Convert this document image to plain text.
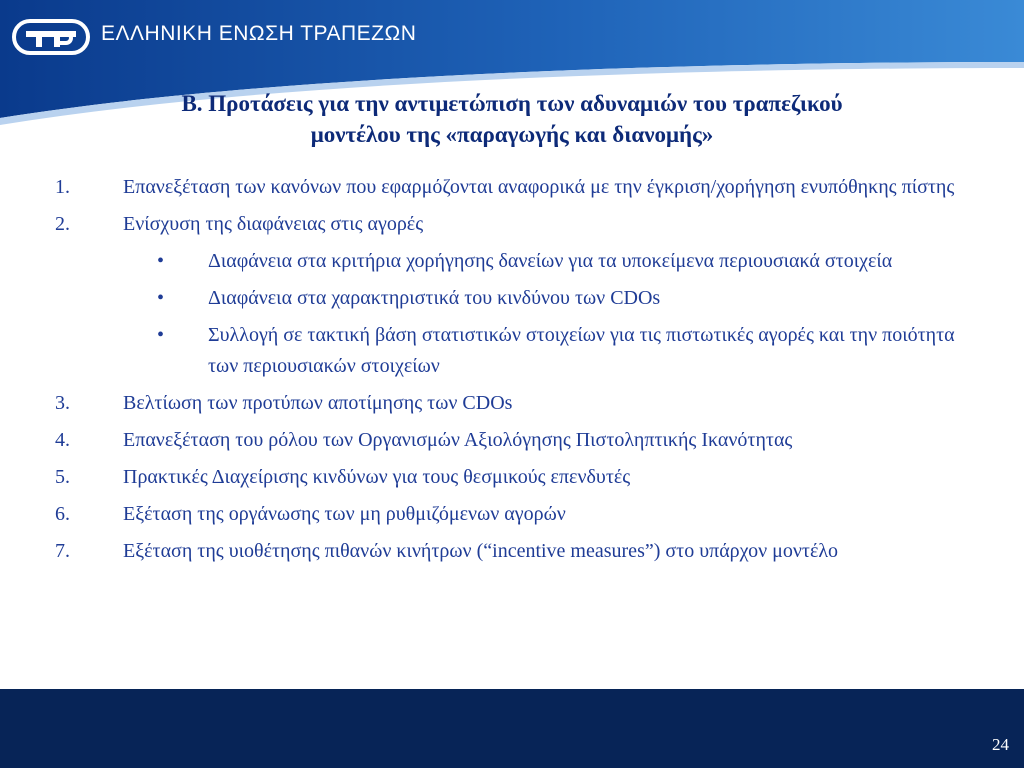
ΕΛΛΗΝΙΚΗ ΕΝΩΣΗ ΤΡΑΠΕΖΩΝ
Β. Προτάσεις για την αντιμετώπιση των αδυναμιών του τραπεζικού
μοντέλου της «παραγωγής και διανομής»
1.	Επανεξέταση των κανόνων που εφαρμόζονται αναφορικά με την έγκριση/χορήγηση ενυπόθηκης πίστης
2.	Ενίσχυση της διαφάνειας στις αγορές
• Διαφάνεια στα κριτήρια χορήγησης δανείων για τα υποκείμενα περιουσιακά στοιχεία
• Διαφάνεια στα χαρακτηριστικά του κινδύνου των CDOs
• Συλλογή σε τακτική βάση στατιστικών στοιχείων για τις πιστωτικές αγορές και την ποιότητα των περιουσιακών στοιχείων
3.	Βελτίωση των προτύπων αποτίμησης των CDOs
4.	Επανεξέταση του ρόλου των Οργανισμών Αξιολόγησης Πιστοληπτικής Ικανότητας
5.	Πρακτικές Διαχείρισης κινδύνων για τους θεσμικούς επενδυτές
6.	Εξέταση της οργάνωσης των μη ρυθμιζόμενων αγορών
7.	Εξέταση της υιοθέτησης πιθανών κινήτρων (“incentive measures”) στο υπάρχον μοντέλο
24
